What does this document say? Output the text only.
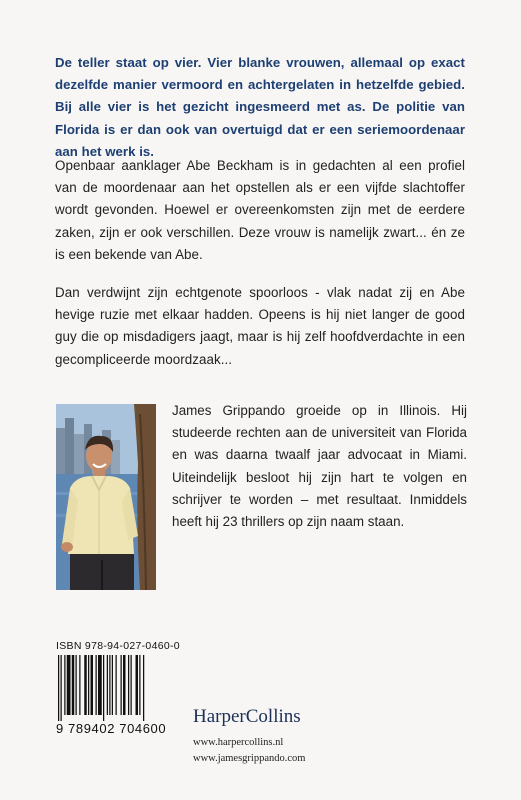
De teller staat op vier. Vier blanke vrouwen, allemaal op exact dezelfde manier vermoord en achtergelaten in hetzelfde gebied. Bij alle vier is het gezicht ingesmeerd met as. De politie van Florida is er dan ook van overtuigd dat er een seriemoordenaar aan het werk is.
Openbaar aanklager Abe Beckham is in gedachten al een profiel van de moordenaar aan het opstellen als er een vijfde slachtoffer wordt gevonden. Hoewel er overeenkomsten zijn met de eerdere zaken, zijn er ook verschillen. Deze vrouw is namelijk zwart... én ze is een bekende van Abe.
Dan verdwijnt zijn echtgenote spoorloos - vlak nadat zij en Abe hevige ruzie met elkaar hadden. Opeens is hij niet langer de good guy die op misdadigers jaagt, maar is hij zelf hoofdverdachte in een gecompliceerde moordzaak...
James Grippando groeide op in Illinois. Hij studeerde rechten aan de universiteit van Florida en was daarna twaalf jaar advocaat in Miami. Uiteindelijk besloot hij zijn hart te volgen en schrijver te worden – met resultaat. Inmiddels heeft hij 23 thrillers op zijn naam staan.
ISBN 978-94-027-0460-0
9 789402 704600
HarperCollins
www.harpercollins.nl
www.jamesgrippando.com
